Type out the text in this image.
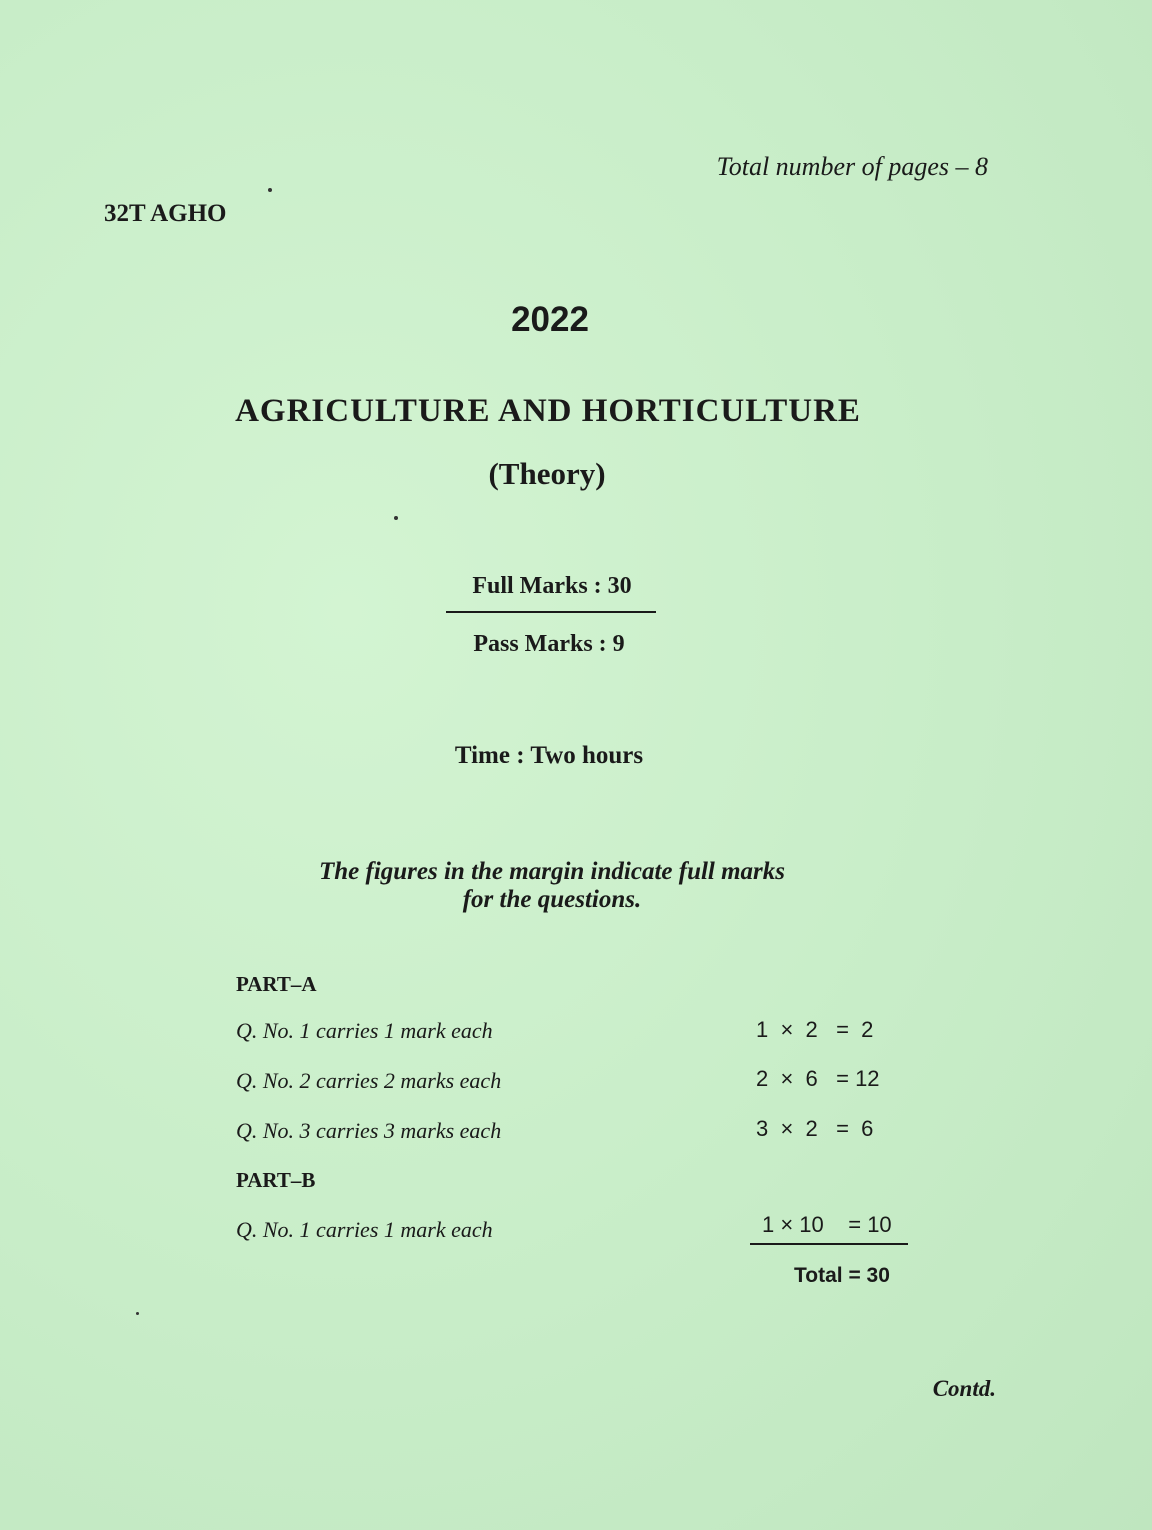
Total number of pages – 8
32T AGHO
2022
AGRICULTURE AND HORTICULTURE
(Theory)
Full Marks : 30
Pass Marks : 9
Time : Two hours
The figures in the margin indicate full marks
for the questions.
PART–A
Q. No. 1 carries 1 mark each	1  ×  2   =  2
Q. No. 2 carries 2 marks each	2  ×  6   = 12
Q. No. 3 carries 3 marks each	3  ×  2   =  6
PART–B
Q. No. 1 carries 1 mark each	1 × 10    = 10
Total = 30
Contd.
